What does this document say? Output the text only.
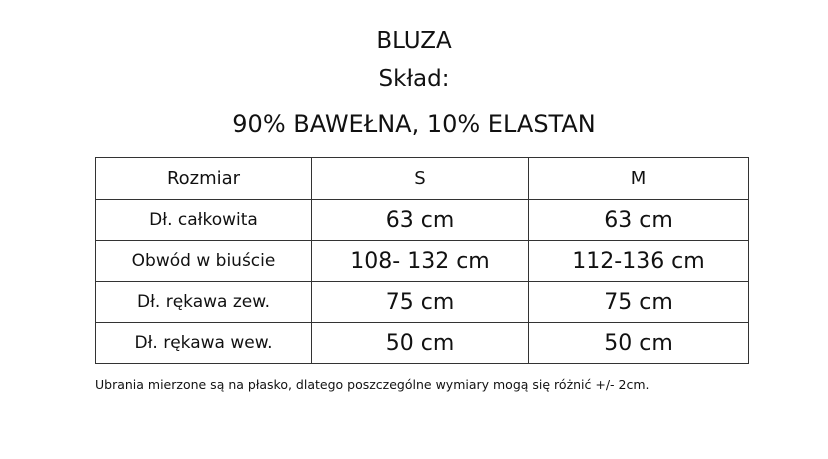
BLUZA
Skład:
90% BAWEŁNA, 10% ELASTAN
Rozmiar	S	M
Dł. całkowita	63 cm	63 cm
Obwód w biuście	108- 132 cm	112-136 cm
Dł. rękawa zew.	75 cm	75 cm
Dł. rękawa wew.	50 cm	50 cm
Ubrania mierzone są na płasko, dlatego poszczególne wymiary mogą się różnić +/- 2cm.
